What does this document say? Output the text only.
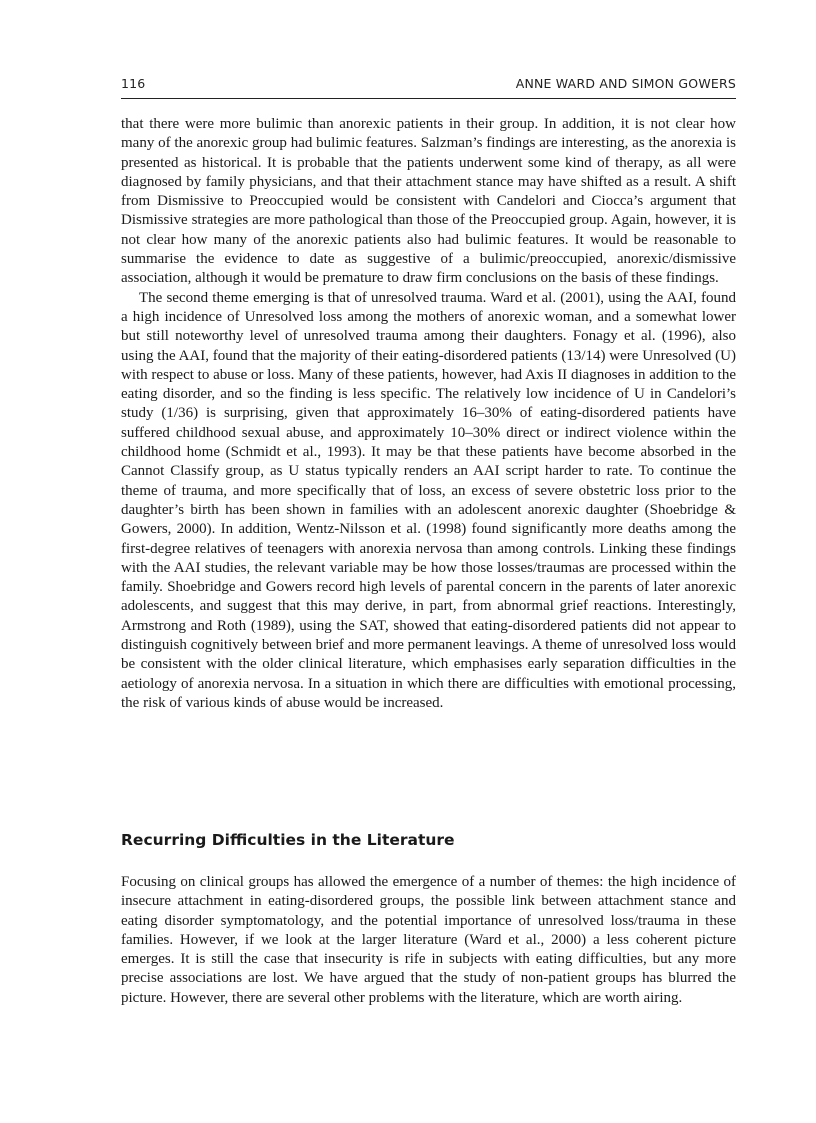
116	ANNE WARD AND SIMON GOWERS

that there were more bulimic than anorexic patients in their group. In addition, it is not clear how many of the anorexic group had bulimic features. Salzman’s findings are interesting, as the anorexia is presented as historical. It is probable that the patients underwent some kind of therapy, as all were diagnosed by family physicians, and that their attachment stance may have shifted as a result. A shift from Dismissive to Preoccupied would be consistent with Candelori and Ciocca’s argument that Dismissive strategies are more pathological than those of the Preoccupied group. Again, however, it is not clear how many of the anorexic patients also had bulimic features. It would be reasonable to summarise the evidence to date as suggestive of a bulimic/preoccupied, anorexic/dismissive association, although it would be premature to draw firm conclusions on the basis of these findings.

The second theme emerging is that of unresolved trauma. Ward et al. (2001), using the AAI, found a high incidence of Unresolved loss among the mothers of anorexic woman, and a somewhat lower but still noteworthy level of unresolved trauma among their daughters. Fonagy et al. (1996), also using the AAI, found that the majority of their eating-disordered patients (13/14) were Unresolved (U) with respect to abuse or loss. Many of these patients, however, had Axis II diagnoses in addition to the eating disorder, and so the finding is less specific. The relatively low incidence of U in Candelori’s study (1/36) is surprising, given that approximately 16–30% of eating-disordered patients have suffered childhood sexual abuse, and approximately 10–30% direct or indirect violence within the childhood home (Schmidt et al., 1993). It may be that these patients have become absorbed in the Cannot Classify group, as U status typically renders an AAI script harder to rate. To continue the theme of trauma, and more specifically that of loss, an excess of severe obstetric loss prior to the daughter’s birth has been shown in families with an adolescent anorexic daughter (Shoebridge & Gowers, 2000). In addition, Wentz-Nilsson et al. (1998) found significantly more deaths among the first-degree relatives of teenagers with anorexia nervosa than among controls. Linking these findings with the AAI studies, the relevant variable may be how those losses/traumas are processed within the family. Shoebridge and Gowers record high levels of parental concern in the parents of later anorexic adolescents, and suggest that this may derive, in part, from abnormal grief reactions. Interestingly, Armstrong and Roth (1989), using the SAT, showed that eating-disordered patients did not appear to distinguish cognitively between brief and more permanent leavings. A theme of unresolved loss would be consistent with the older clinical literature, which emphasises early separation difficulties in the aetiology of anorexia nervosa. In a situation in which there are difficulties with emotional processing, the risk of various kinds of abuse would be increased.

Recurring Difficulties in the Literature

Focusing on clinical groups has allowed the emergence of a number of themes: the high incidence of insecure attachment in eating-disordered groups, the possible link between attachment stance and eating disorder symptomatology, and the potential importance of unresolved loss/trauma in these families. However, if we look at the larger literature (Ward et al., 2000) a less coherent picture emerges. It is still the case that insecurity is rife in subjects with eating difficulties, but any more precise associations are lost. We have argued that the study of non-patient groups has blurred the picture. However, there are several other problems with the literature, which are worth airing.
